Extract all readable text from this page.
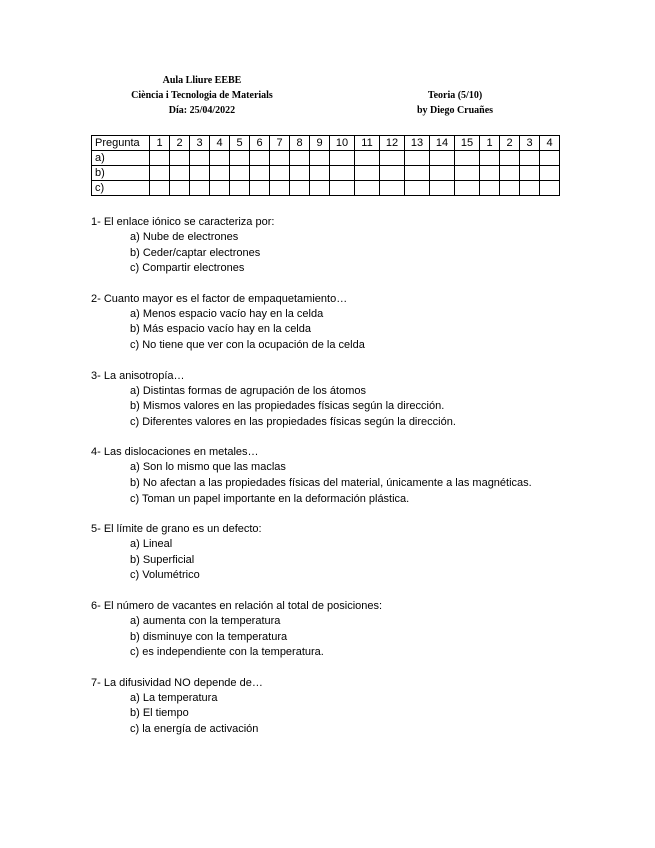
Aula Lliure EEBE
Ciència i Tecnologia de Materials
Día: 25/04/2022
Teoria (5/10)
by Diego Cruañes
Pregunta	1	2	3	4	5	6	7	8	9	10	11	12	13	14	15	1	2	3	4
a)																			
b)																			
c)																			
1- El enlace iónico se caracteriza por:
a) Nube de electrones
b) Ceder/captar electrones
c) Compartir electrones
2- Cuanto mayor es el factor de empaquetamiento…
a) Menos espacio vacío hay en la celda
b) Más espacio vacío hay en la celda
c) No tiene que ver con la ocupación de la celda
3- La anisotropía…
a) Distintas formas de agrupación de los átomos
b) Mismos valores en las propiedades físicas según la dirección.
c) Diferentes valores en las propiedades físicas según la dirección.
4- Las dislocaciones en metales…
a) Son lo mismo que las maclas
b) No afectan a las propiedades físicas del material, únicamente a las magnéticas.
c) Toman un papel importante en la deformación plástica.
5- El límite de grano es un defecto:
a) Lineal
b) Superficial
c) Volumétrico
6- El número de vacantes en relación al total de posiciones:
a) aumenta con la temperatura
b) disminuye con la temperatura
c) es independiente con la temperatura.
7- La difusividad NO depende de…
a) La temperatura
b) El tiempo
c) la energía de activación
